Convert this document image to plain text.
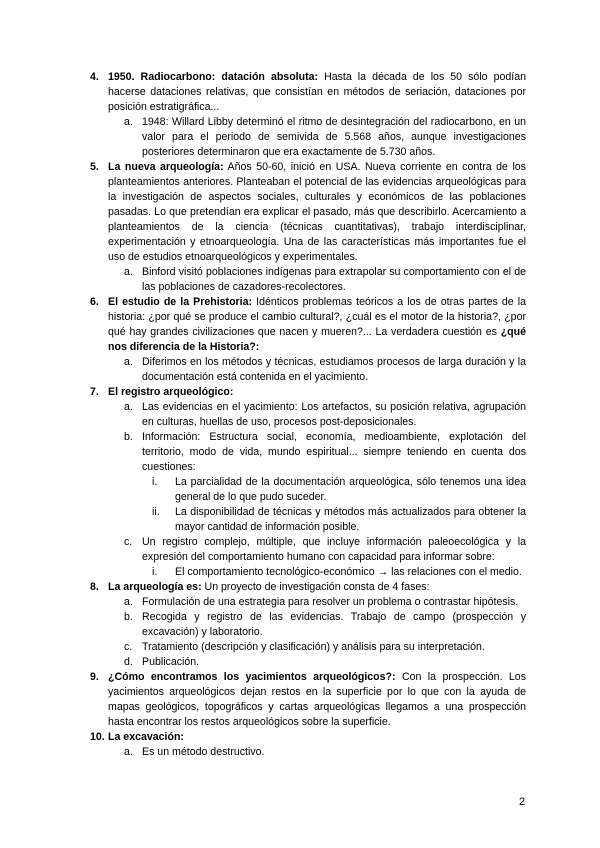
4. 1950. Radiocarbono: datación absoluta: Hasta la década de los 50 sólo podían hacerse dataciones relativas, que consistían en métodos de seriación, dataciones por posición estratigráfica...
a. 1948: Willard Libby determinó el ritmo de desintegración del radiocarbono, en un valor para el periodo de semivida de 5.568 años, aunque investigaciones posteriores determinaron que era exactamente de 5.730 años.
5. La nueva arqueología: Años 50-60, inició en USA. Nueva corriente en contra de los planteamientos anteriores. Planteaban el potencial de las evidencias arqueológicas para la investigación de aspectos sociales, culturales y económicos de las poblaciones pasadas. Lo que pretendían era explicar el pasado, más que describirlo. Acercamiento a planteamientos de la ciencia (técnicas cuantitativas), trabajo interdisciplinar, experimentación y etnoarqueología. Una de las características más importantes fue el uso de estudios etnoarqueológicos y experimentales.
a. Binford visitó poblaciones indígenas para extrapolar su comportamiento con el de las poblaciones de cazadores-recolectores.
6. El estudio de la Prehistoria: Idénticos problemas teóricos a los de otras partes de la historia: ¿por qué se produce el cambio cultural?, ¿cuál es el motor de la historia?, ¿por qué hay grandes civilizaciones que nacen y mueren?... La verdadera cuestión es ¿qué nos diferencia de la Historia?:
a. Diferimos en los métodos y técnicas, estudiamos procesos de larga duración y la documentación está contenida en el yacimiento.
7. El registro arqueológico:
a. Las evidencias en el yacimiento: Los artefactos, su posición relativa, agrupación en culturas, huellas de uso, procesos post-deposicionales.
b. Información: Estructura social, economía, medioambiente, explotación del territorio, modo de vida, mundo espiritual... siempre teniendo en cuenta dos cuestiones:
i. La parcialidad de la documentación arqueológica, sólo tenemos una idea general de lo que pudo suceder.
ii. La disponibilidad de técnicas y métodos más actualizados para obtener la mayor cantidad de información posible.
c. Un registro complejo, múltiple, que incluye información paleoecológica y la expresión del comportamiento humano con capacidad para informar sobre:
i. El comportamiento tecnológico-económico → las relaciones con el medio.
8. La arqueología es: Un proyecto de investigación consta de 4 fases:
a. Formulación de una estrategia para resolver un problema o contrastar hipótesis.
b. Recogida y registro de las evidencias. Trabajo de campo (prospección y excavación) y laboratorio.
c. Tratamiento (descripción y clasificación) y análisis para su interpretación.
d. Publicación.
9. ¿Cómo encontramos los yacimientos arqueológicos?: Con la prospección. Los yacimientos arqueológicos dejan restos en la superficie por lo que con la ayuda de mapas geológicos, topográficos y cartas arqueológicas llegamos a una prospección hasta encontrar los restos arqueológicos sobre la superficie.
10. La excavación:
a. Es un método destructivo.
2
